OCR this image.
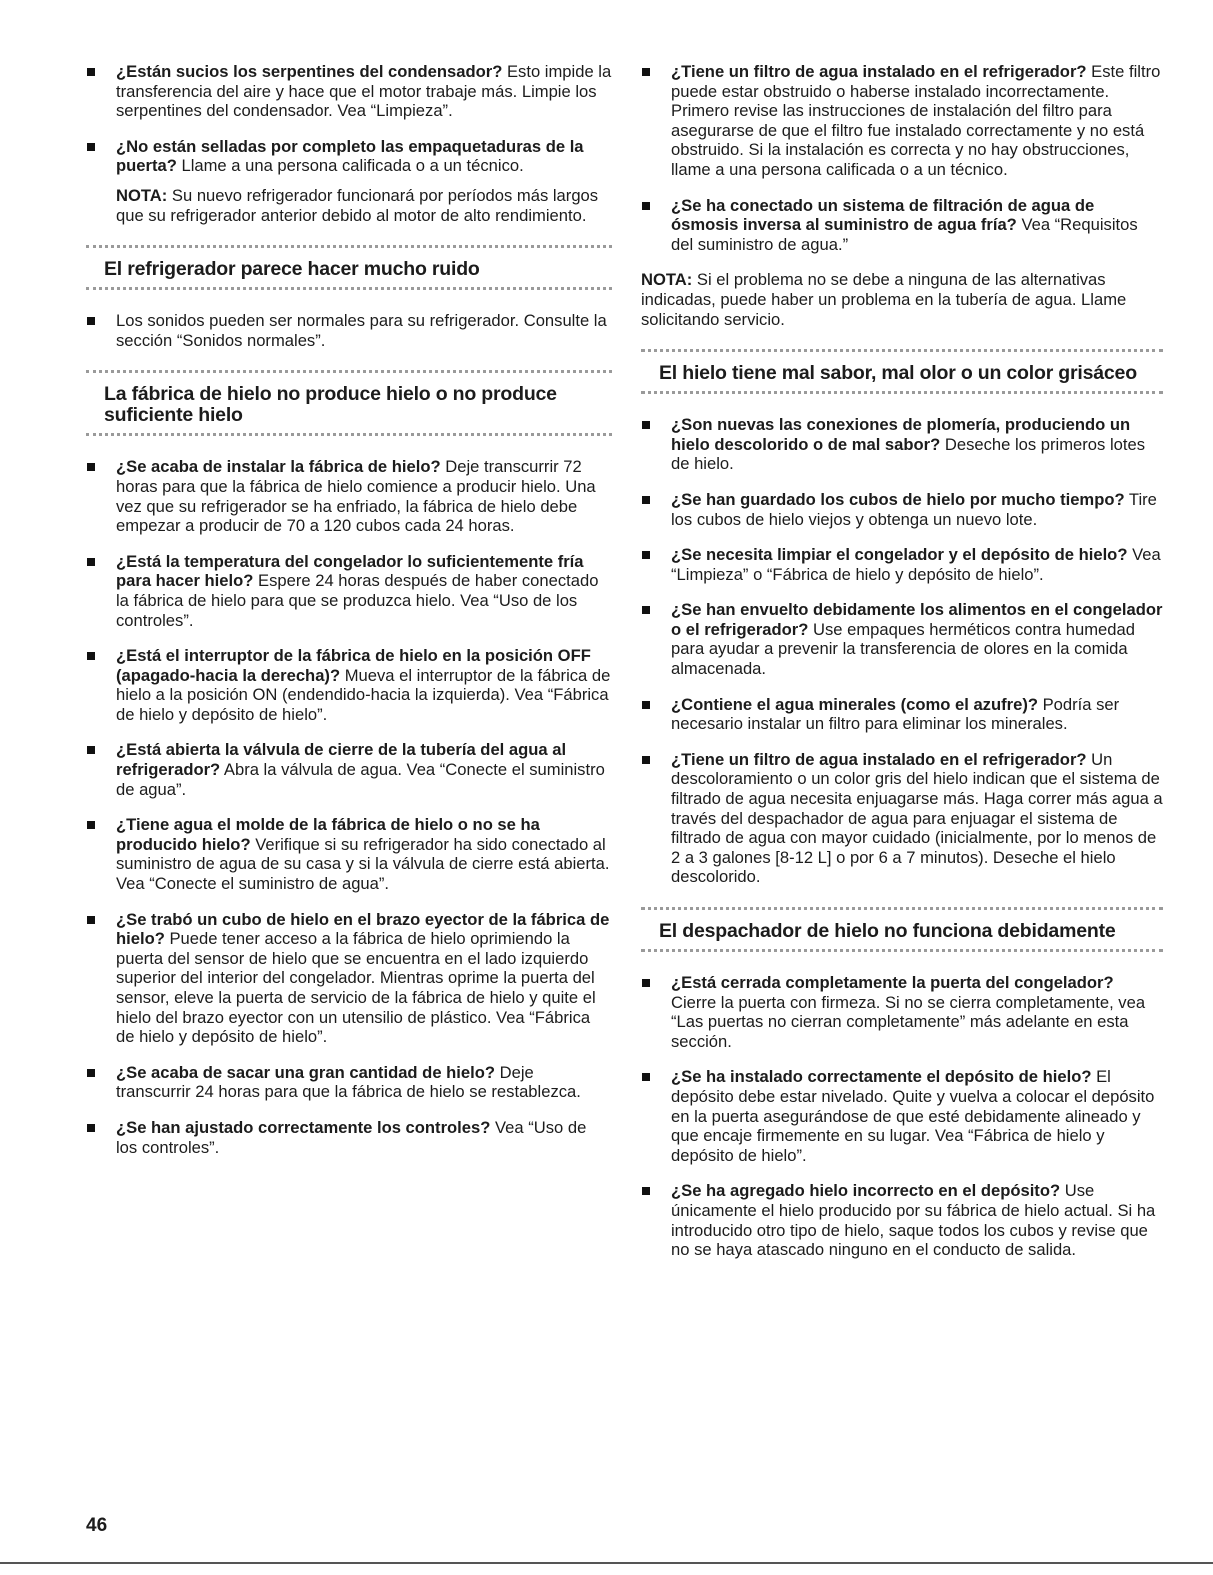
¿Están sucios los serpentines del condensador? Esto impide la transferencia del aire y hace que el motor trabaje más. Limpie los serpentines del condensador. Vea “Limpieza”.
¿No están selladas por completo las empaquetaduras de la puerta? Llame a una persona calificada o a un técnico.
NOTA: Su nuevo refrigerador funcionará por períodos más largos que su refrigerador anterior debido al motor de alto rendimiento.
El refrigerador parece hacer mucho ruido
Los sonidos pueden ser normales para su refrigerador. Consulte la sección “Sonidos normales”.
La fábrica de hielo no produce hielo o no produce suficiente hielo
¿Se acaba de instalar la fábrica de hielo? Deje transcurrir 72 horas para que la fábrica de hielo comience a producir hielo. Una vez que su refrigerador se ha enfriado, la fábrica de hielo debe empezar a producir de 70 a 120 cubos cada 24 horas.
¿Está la temperatura del congelador lo suficientemente fría para hacer hielo? Espere 24 horas después de haber conectado la fábrica de hielo para que se produzca hielo. Vea “Uso de los controles”.
¿Está el interruptor de la fábrica de hielo en la posición OFF (apagado-hacia la derecha)? Mueva el interruptor de la fábrica de hielo a la posición ON (endendido-hacia la izquierda). Vea “Fábrica de hielo y depósito de hielo”.
¿Está abierta la válvula de cierre de la tubería del agua al refrigerador? Abra la válvula de agua. Vea “Conecte el suministro de agua”.
¿Tiene agua el molde de la fábrica de hielo o no se ha producido hielo? Verifique si su refrigerador ha sido conectado al suministro de agua de su casa y si la válvula de cierre está abierta. Vea “Conecte el suministro de agua”.
¿Se trabó un cubo de hielo en el brazo eyector de la fábrica de hielo? Puede tener acceso a la fábrica de hielo oprimiendo la puerta del sensor de hielo que se encuentra en el lado izquierdo superior del interior del congelador. Mientras oprime la puerta del sensor, eleve la puerta de servicio de la fábrica de hielo y quite el hielo del brazo eyector con un utensilio de plástico. Vea “Fábrica de hielo y depósito de hielo”.
¿Se acaba de sacar una gran cantidad de hielo? Deje transcurrir 24 horas para que la fábrica de hielo se restablezca.
¿Se han ajustado correctamente los controles? Vea “Uso de los controles”.
¿Tiene un filtro de agua instalado en el refrigerador? Este filtro puede estar obstruido o haberse instalado incorrectamente. Primero revise las instrucciones de instalación del filtro para asegurarse de que el filtro fue instalado correctamente y no está obstruido. Si la instalación es correcta y no hay obstrucciones, llame a una persona calificada o a un técnico.
¿Se ha conectado un sistema de filtración de agua de ósmosis inversa al suministro de agua fría? Vea “Requisitos del suministro de agua.”
NOTA: Si el problema no se debe a ninguna de las alternativas indicadas, puede haber un problema en la tubería de agua. Llame solicitando servicio.
El hielo tiene mal sabor, mal olor o un color grisáceo
¿Son nuevas las conexiones de plomería, produciendo un hielo descolorido o de mal sabor? Deseche los primeros lotes de hielo.
¿Se han guardado los cubos de hielo por mucho tiempo? Tire los cubos de hielo viejos y obtenga un nuevo lote.
¿Se necesita limpiar el congelador y el depósito de hielo? Vea “Limpieza” o “Fábrica de hielo y depósito de hielo”.
¿Se han envuelto debidamente los alimentos en el congelador o el refrigerador? Use empaques herméticos contra humedad para ayudar a prevenir la transferencia de olores en la comida almacenada.
¿Contiene el agua minerales (como el azufre)? Podría ser necesario instalar un filtro para eliminar los minerales.
¿Tiene un filtro de agua instalado en el refrigerador? Un descoloramiento o un color gris del hielo indican que el sistema de filtrado de agua necesita enjuagarse más. Haga correr más agua a través del despachador de agua para enjuagar el sistema de filtrado de agua con mayor cuidado (inicialmente, por lo menos de 2 a 3 galones [8-12 L] o por 6 a 7 minutos). Deseche el hielo descolorido.
El despachador de hielo no funciona debidamente
¿Está cerrada completamente la puerta del congelador? Cierre la puerta con firmeza. Si no se cierra completamente, vea “Las puertas no cierran completamente” más adelante en esta sección.
¿Se ha instalado correctamente el depósito de hielo? El depósito debe estar nivelado. Quite y vuelva a colocar el depósito en la puerta asegurándose de que esté debidamente alineado y que encaje firmemente en su lugar. Vea “Fábrica de hielo y depósito de hielo”.
¿Se ha agregado hielo incorrecto en el depósito? Use únicamente el hielo producido por su fábrica de hielo actual. Si ha introducido otro tipo de hielo, saque todos los cubos y revise que no se haya atascado ninguno en el conducto de salida.
46
